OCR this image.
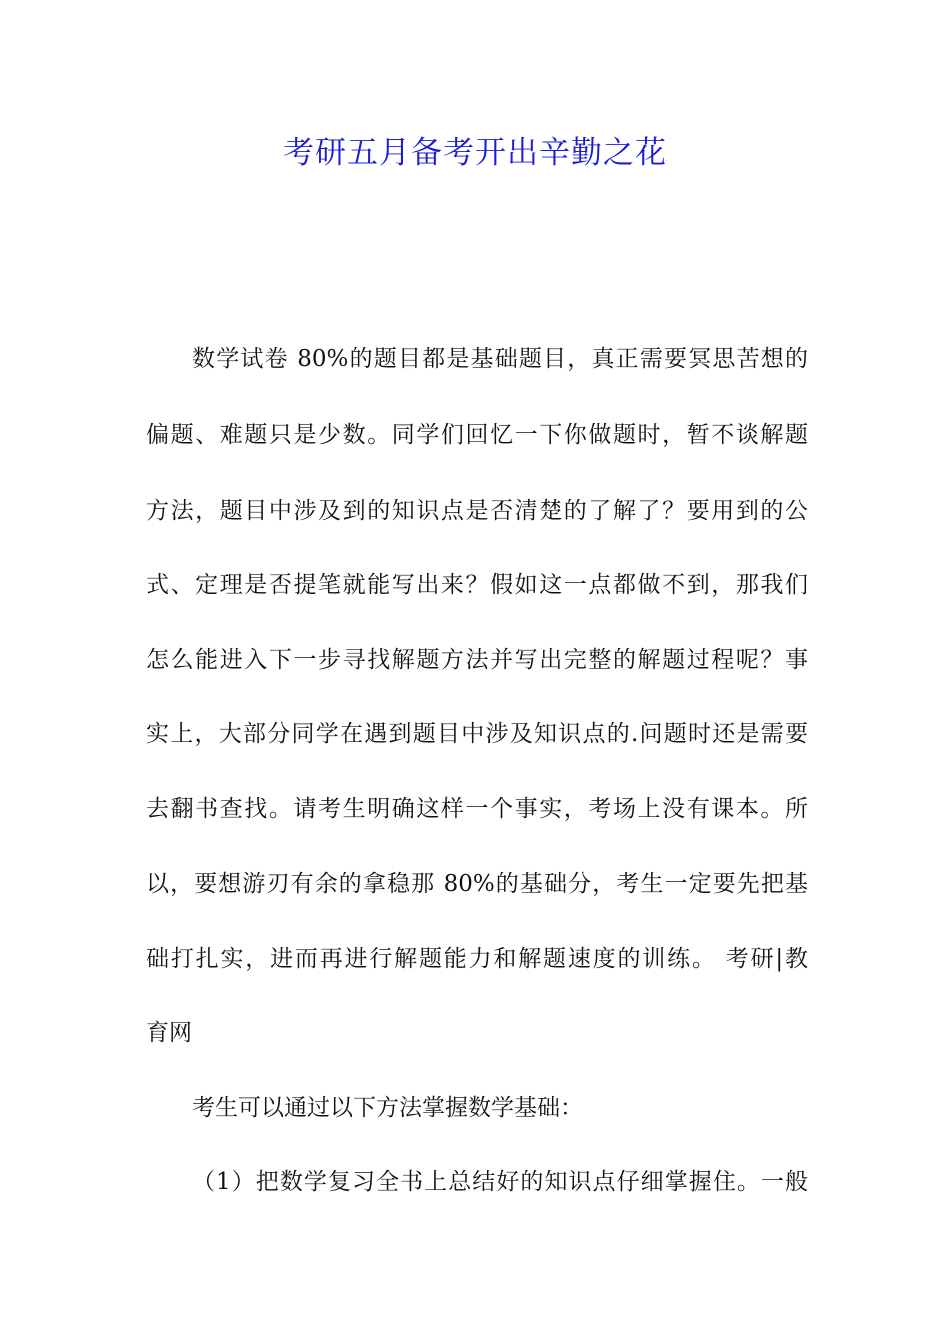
考研五月备考开出辛勤之花

数学试卷 80%的题目都是基础题目，真正需要冥思苦想的

偏题、难题只是少数。同学们回忆一下你做题时，暂不谈解题

方法，题目中涉及到的知识点是否清楚的了解了？要用到的公

式、定理是否提笔就能写出来？假如这一点都做不到，那我们

怎么能进入下一步寻找解题方法并写出完整的解题过程呢？事

实上，大部分同学在遇到题目中涉及知识点的.问题时还是需要

去翻书查找。请考生明确这样一个事实，考场上没有课本。所

以，要想游刃有余的拿稳那 80%的基础分，考生一定要先把基

础打扎实，进而再进行解题能力和解题速度的训练。 考研|教

育网

考生可以通过以下方法掌握数学基础：

（1）把数学复习全书上总结好的知识点仔细掌握住。一般
